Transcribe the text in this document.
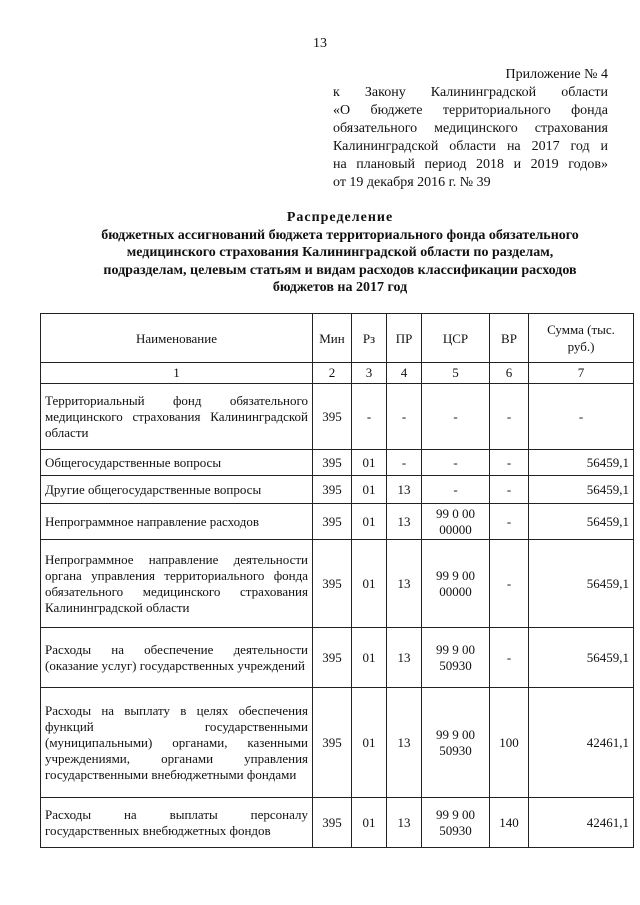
13
Приложение № 4
к Закону Калининградской области
«О бюджете территориального фонда
обязательного медицинского страхования
Калининградской области на 2017 год и
на плановый период 2018 и 2019 годов»
от 19 декабря 2016 г. № 39
Распределение
бюджетных ассигнований бюджета территориального фонда обязательного
медицинского страхования Калининградской области по разделам,
подразделам, целевым статьям и видам расходов классификации расходов
бюджетов на 2017 год
Наименование	Мин	Рз	ПР	ЦСР	ВР	Сумма (тыс. руб.)
1	2	3	4	5	6	7
Территориальный фонд обязательного медицинского страхования Калининградской области	395	-	-	-	-	-
Общегосударственные вопросы	395	01	-	-	-	56459,1
Другие общегосударственные вопросы	395	01	13	-	-	56459,1
Непрограммное направление расходов	395	01	13	99 0 00 00000	-	56459,1
Непрограммное направление деятельности органа управления территориального фонда обязательного медицинского страхования Калининградской области	395	01	13	99 9 00 00000	-	56459,1
Расходы на обеспечение деятельности (оказание услуг) государственных учреждений	395	01	13	99 9 00 50930	-	56459,1
Расходы на выплату в целях обеспечения функций государственными (муниципальными) органами, казенными учреждениями, органами управления государственными внебюджетными фондами	395	01	13	99 9 00 50930	100	42461,1
Расходы на выплаты персоналу государственных внебюджетных фондов	395	01	13	99 9 00 50930	140	42461,1
